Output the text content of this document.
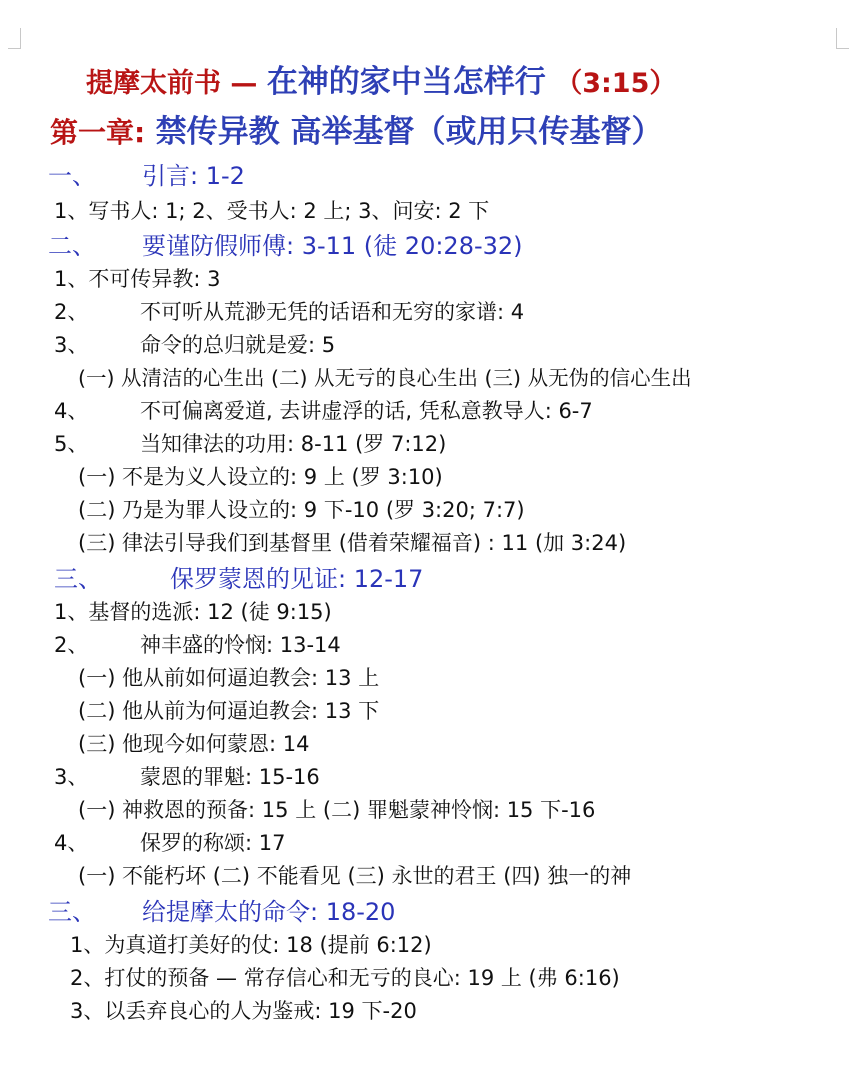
提摩太前书 — 在神的家中当怎样行 （3:15）
第一章: 禁传异教 高举基督（或用只传基督）
一、 引言: 1-2
1、写书人: 1; 2、受书人: 2 上; 3、问安: 2 下
二、 要谨防假师傅: 3-11 (徒 20:28-32)
1、不可传异教: 3
2、 不可听从荒渺无凭的话语和无穷的家谱: 4
3、 命令的总归就是爱: 5
(一) 从清洁的心生出 (二) 从无亏的良心生出 (三) 从无伪的信心生出
4、 不可偏离爱道, 去讲虚浮的话, 凭私意教导人: 6-7
5、 当知律法的功用: 8-11 (罗 7:12)
(一) 不是为义人设立的: 9 上 (罗 3:10)
(二) 乃是为罪人设立的: 9 下-10 (罗 3:20; 7:7)
(三) 律法引导我们到基督里 (借着荣耀福音) : 11 (加 3:24)
三、	保罗蒙恩的见证: 12-17
1、基督的选派: 12 (徒 9:15)
2、 神丰盛的怜悯: 13-14
(一) 他从前如何逼迫教会: 13 上
(二) 他从前为何逼迫教会: 13 下
(三) 他现今如何蒙恩: 14
3、 蒙恩的罪魁: 15-16
(一) 神救恩的预备: 15 上 (二) 罪魁蒙神怜悯: 15 下-16
4、 保罗的称颂: 17
(一) 不能朽坏 (二) 不能看见 (三) 永世的君王 (四) 独一的神
三、 给提摩太的命令: 18-20
1、为真道打美好的仗: 18 (提前 6:12)
2、打仗的预备 — 常存信心和无亏的良心: 19 上 (弗 6:16)
3、以丢弃良心的人为鉴戒: 19 下-20
